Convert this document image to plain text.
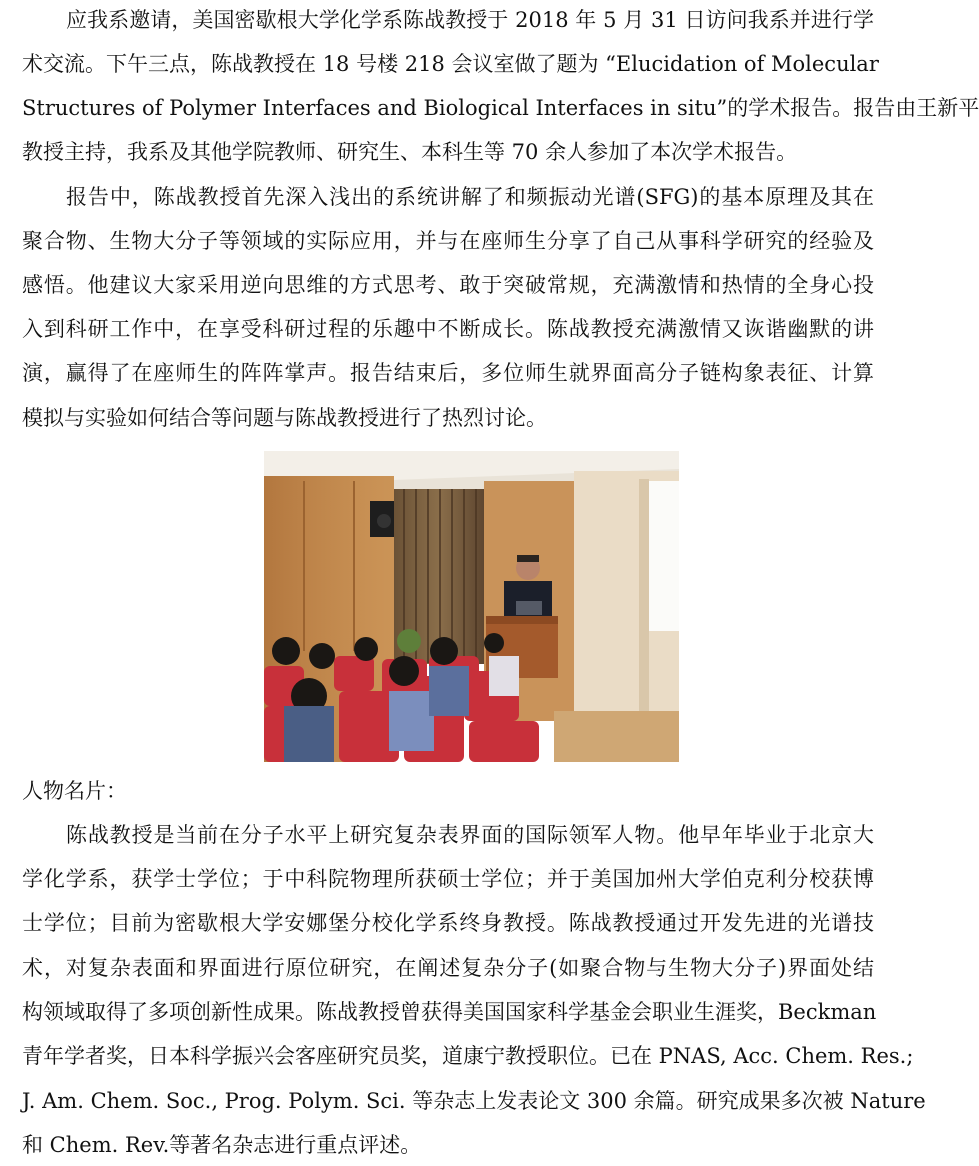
应我系邀请，美国密歇根大学化学系陈战教授于 2018 年 5 月 31 日访问我系并进行学
术交流。下午三点，陈战教授在 18 号楼 218 会议室做了题为 “Elucidation of Molecular
Structures of Polymer Interfaces and Biological Interfaces in situ”的学术报告。报告由王新平
教授主持，我系及其他学院教师、研究生、本科生等 70 余人参加了本次学术报告。
报告中，陈战教授首先深入浅出的系统讲解了和频振动光谱(SFG)的基本原理及其在
聚合物、生物大分子等领域的实际应用，并与在座师生分享了自己从事科学研究的经验及
感悟。他建议大家采用逆向思维的方式思考、敢于突破常规，充满激情和热情的全身心投
入到科研工作中，在享受科研过程的乐趣中不断成长。陈战教授充满激情又诙谐幽默的讲
演，赢得了在座师生的阵阵掌声。报告结束后，多位师生就界面高分子链构象表征、计算
模拟与实验如何结合等问题与陈战教授进行了热烈讨论。
人物名片：
陈战教授是当前在分子水平上研究复杂表界面的国际领军人物。他早年毕业于北京大
学化学系，获学士学位；于中科院物理所获硕士学位；并于美国加州大学伯克利分校获博
士学位；目前为密歇根大学安娜堡分校化学系终身教授。陈战教授通过开发先进的光谱技
术，对复杂表面和界面进行原位研究，在阐述复杂分子(如聚合物与生物大分子)界面处结
构领域取得了多项创新性成果。陈战教授曾获得美国国家科学基金会职业生涯奖，Beckman
青年学者奖，日本科学振兴会客座研究员奖，道康宁教授职位。已在 PNAS, Acc. Chem. Res.;
J. Am. Chem. Soc., Prog. Polym. Sci. 等杂志上发表论文 300 余篇。研究成果多次被 Nature
和 Chem. Rev.等著名杂志进行重点评述。
